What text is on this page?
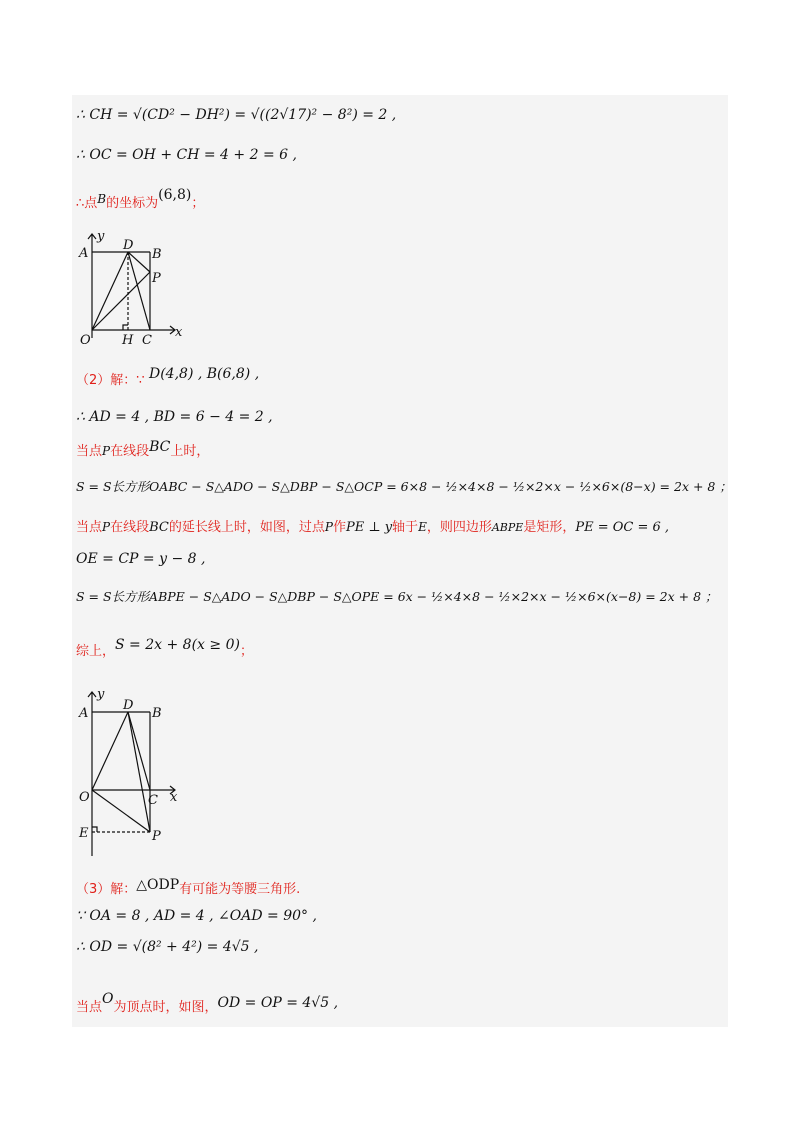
∴ CH = √(CD² − DH²) = √((2√17)² − 8²) = 2 ,
∴ OC = OH + CH = 4 + 2 = 6 ,
∴点B的坐标为(6,8)；
y
A
D
B
P
O H C
x
（2）解：∵ D(4,8) , B(6,8) ,
∴ AD = 4 , BD = 6 − 4 = 2 ,
当点P在线段BC上时，
S = S长方形OABC − S△ADO − S△DBP − S△OCP = 6×8 − ½×4×8 − ½×2×x − ½×6×(8−x) = 2x + 8 ；
当点P在线段BC的延长线上时，如图，过点P作PE ⊥ y轴于E，则四边形ABPE是矩形，PE = OC = 6 ,
OE = CP = y − 8 ,
S = S长方形ABPE − S△ADO − S△DBP − S△OPE = 6x − ½×4×8 − ½×2×x − ½×6×(x−8) = 2x + 8 ；
综上，S = 2x + 8(x ≥ 0)；
y
A
D
B
O	C x
E	P
（3）解：△ODP有可能为等腰三角形.
∵ OA = 8 , AD = 4 , ∠OAD = 90° ,
∴ OD = √(8² + 4²) = 4√5 ,
当点O为顶点时，如图，OD = OP = 4√5 ,
